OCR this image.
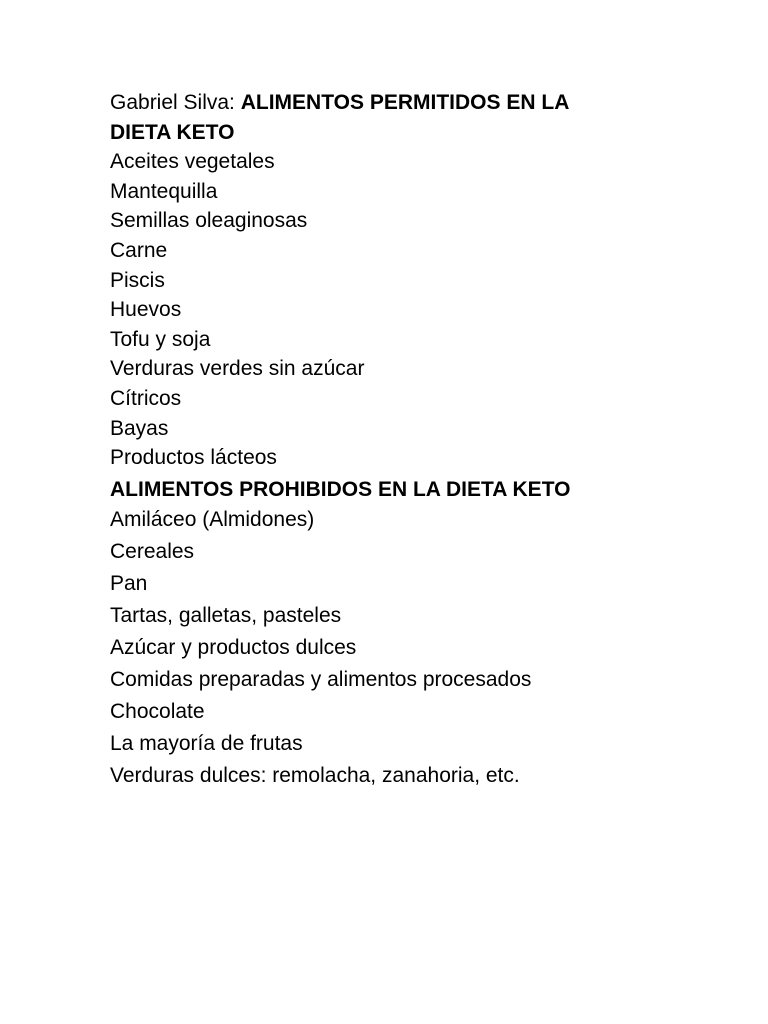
Gabriel Silva: ALIMENTOS PERMITIDOS EN LA
DIETA KETO
Aceites vegetales
Mantequilla
Semillas oleaginosas
Carne
Piscis
Huevos
Tofu y soja
Verduras verdes sin azúcar
Cítricos
Bayas
Productos lácteos
ALIMENTOS PROHIBIDOS EN LA DIETA KETO
Amiláceo (Almidones)
Cereales
Pan
Tartas, galletas, pasteles
Azúcar y productos dulces
Comidas preparadas y alimentos procesados
Chocolate
La mayoría de frutas
Verduras dulces: remolacha, zanahoria, etc.
